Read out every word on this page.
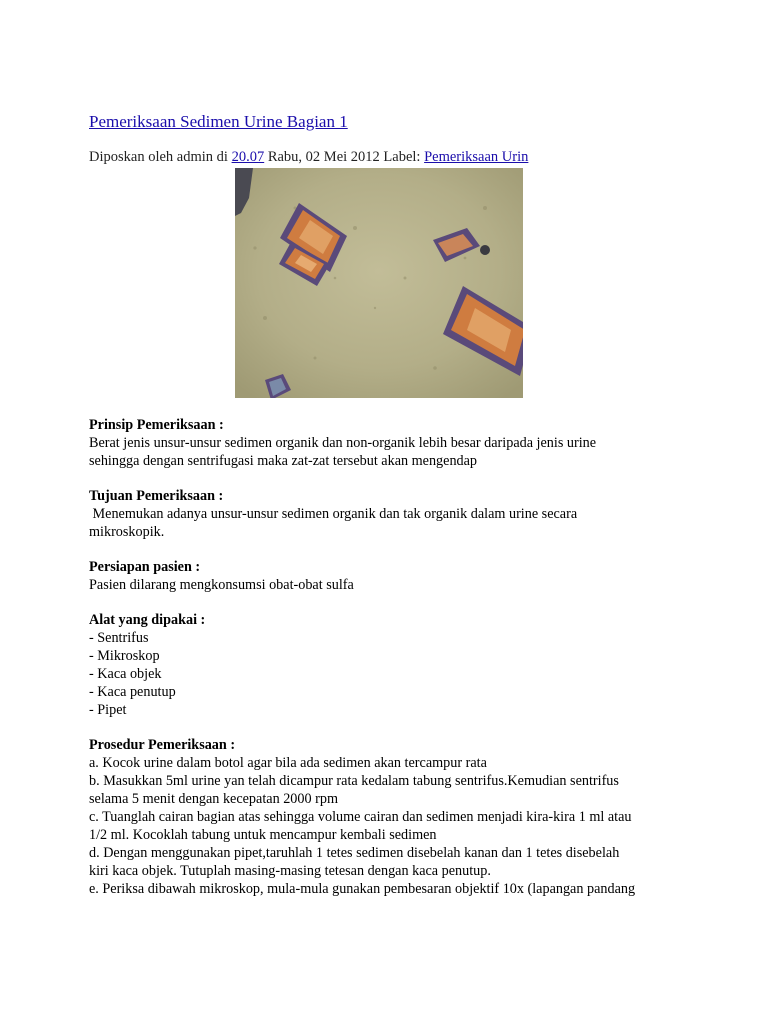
Pemeriksaan Sedimen Urine Bagian 1
Diposkan oleh admin di 20.07 Rabu, 02 Mei 2012 Label: Pemeriksaan Urin
Prinsip Pemeriksaan :
Berat jenis unsur-unsur sedimen organik dan non-organik lebih besar daripada jenis urine
sehingga dengan sentrifugasi maka zat-zat tersebut akan mengendap
Tujuan Pemeriksaan :
Menemukan adanya unsur-unsur sedimen organik dan tak organik dalam urine secara
mikroskopik.
Persiapan pasien :
Pasien dilarang mengkonsumsi obat-obat sulfa
Alat yang dipakai :
- Sentrifus
- Mikroskop
- Kaca objek
- Kaca penutup
- Pipet
Prosedur Pemeriksaan :
a. Kocok urine dalam botol agar bila ada sedimen akan tercampur rata
b. Masukkan 5ml urine yan telah dicampur rata kedalam tabung sentrifus.Kemudian sentrifus
selama 5 menit dengan kecepatan 2000 rpm
c. Tuanglah cairan bagian atas sehingga volume cairan dan sedimen menjadi kira-kira 1 ml atau
1/2 ml. Kocoklah tabung untuk mencampur kembali sedimen
d. Dengan menggunakan pipet,taruhlah 1 tetes sedimen disebelah kanan dan 1 tetes disebelah
kiri kaca objek. Tutuplah masing-masing tetesan dengan kaca penutup.
e. Periksa dibawah mikroskop, mula-mula gunakan pembesaran objektif 10x (lapangan pandang
